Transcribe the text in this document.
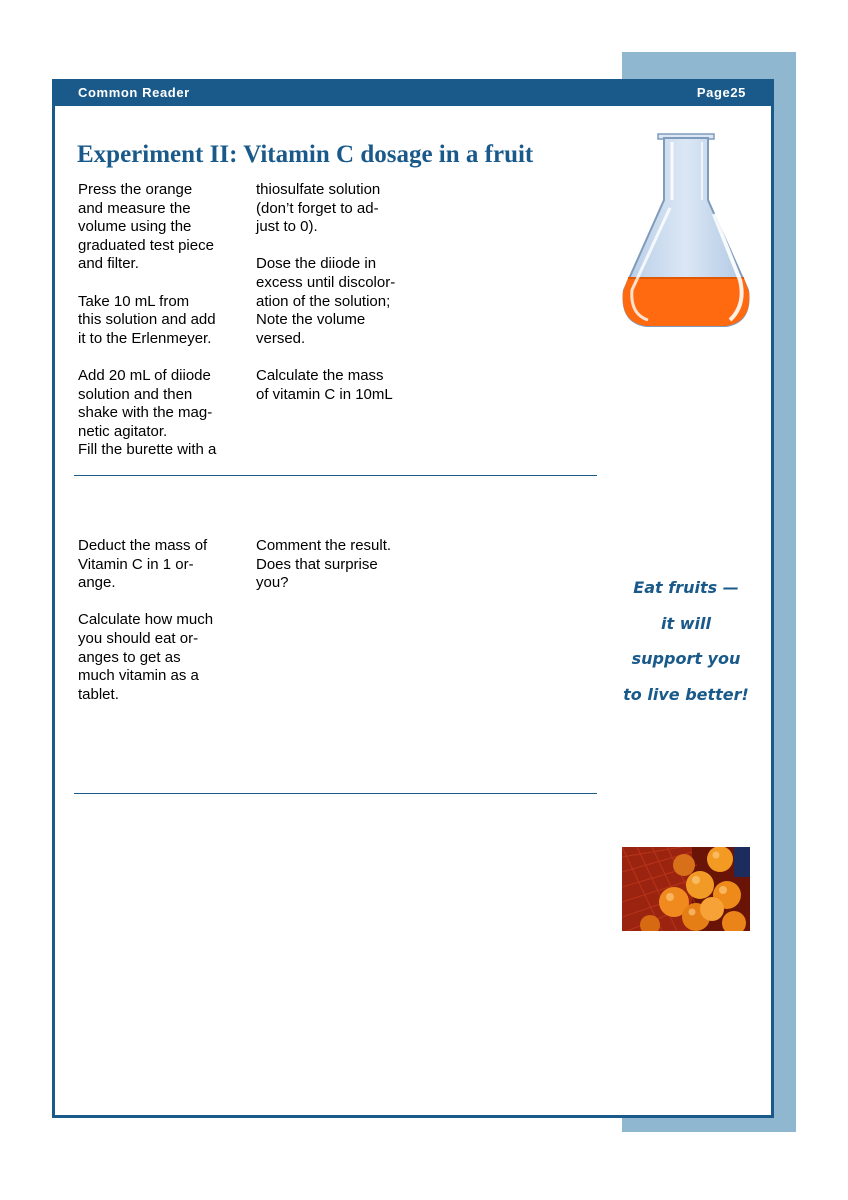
Common Reader	Page25
Experiment II: Vitamin C dosage in a fruit

Press the orange
and measure the
volume using the
graduated test piece
and filter.

Take 10 mL from
this solution and add
it to the Erlenmeyer.

Add 20 mL of diiode
solution and then
shake with the mag-
netic agitator.
Fill the burette with a

thiosulfate solution
(don’t forget to ad-
just to 0).

Dose the diiode in
excess until discolor-
ation of the solution;
Note the volume
versed.

Calculate the mass
of vitamin C in 10mL

Deduct the mass of
Vitamin C in 1 or-
ange.

Calculate how much
you should eat or-
anges to get as
much vitamin as a
tablet.

Comment the result.
Does that surprise
you?	Eat fruits —
it will
support you
to live better!
